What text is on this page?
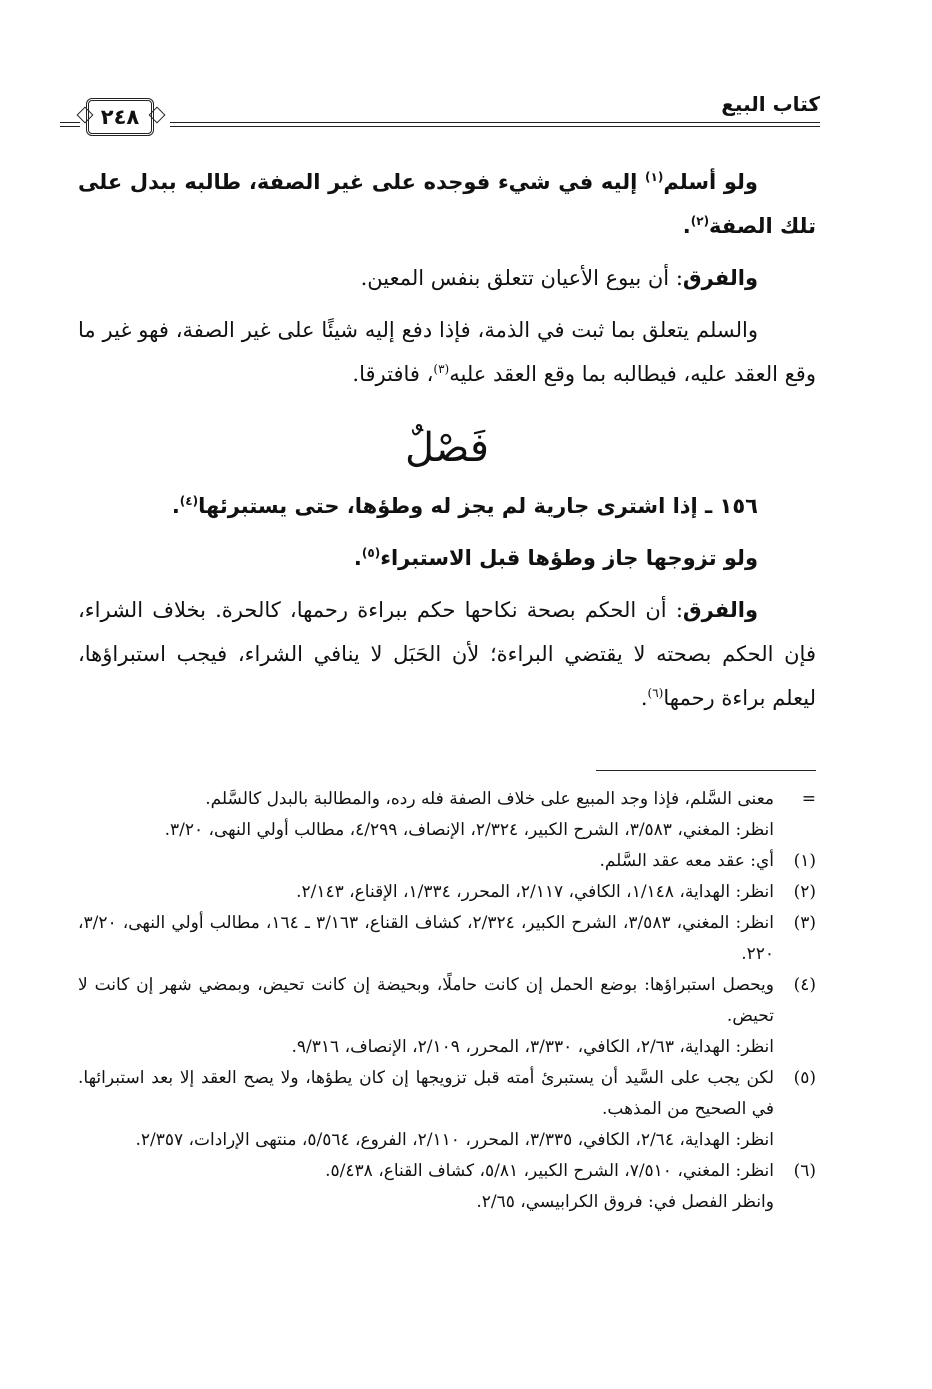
كتاب البيع
٢٤٨

ولو أسلم$^{(١)}$ إليه في شيء فوجده على غير الصفة، طالبه ببدل على تلك الصفة$^{(٢)}$.

والفرق: أن بيوع الأعيان تتعلق بنفس المعين.

والسلم يتعلق بما ثبت في الذمة، فإذا دفع إليه شيئًا على غير الصفة، فهو غير ما وقع العقد عليه، فيطالبه بما وقع العقد عليه$^{(٣)}$، فافترقا.

فَصْلٌ

١٥٦ ـ إذا اشترى جارية لم يجز له وطؤها، حتى يستبرئها$^{(٤)}$.

ولو تزوجها جاز وطؤها قبل الاستبراء$^{(٥)}$.

والفرق: أن الحكم بصحة نكاحها حكم ببراءة رحمها، كالحرة. بخلاف الشراء، فإن الحكم بصحته لا يقتضي البراءة؛ لأن الحَبَل لا ينافي الشراء، فيجب استبراؤها، ليعلم براءة رحمها$^{(٦)}$.

=
معنى السَّلم، فإذا وجد المبيع على خلاف الصفة فله رده، والمطالبة بالبدل كالسَّلم.
انظر: المغني، ٣/٥٨٣، الشرح الكبير، ٢/٣٢٤، الإنصاف، ٤/٢٩٩، مطالب أولي النهى، ٣/٢٠.
(١)
أي: عقد معه عقد السَّلم.
(٢)
انظر: الهداية، ١/١٤٨، الكافي، ٢/١١٧، المحرر، ١/٣٣٤، الإقناع، ٢/١٤٣.
(٣)
انظر: المغني، ٣/٥٨٣، الشرح الكبير، ٢/٣٢٤، كشاف القناع، ٣/١٦٣ ـ ١٦٤، مطالب أولي النهى، ٣/٢٠، ٢٢٠.
(٤)
ويحصل استبراؤها: بوضع الحمل إن كانت حاملًا، وبحيضة إن كانت تحيض، وبمضي شهر إن كانت لا تحيض.
انظر: الهداية، ٢/٦٣، الكافي، ٣/٣٣٠، المحرر، ٢/١٠٩، الإنصاف، ٩/٣١٦.
(٥)
لكن يجب على السَّيد أن يستبرئ أمته قبل تزويجها إن كان يطؤها، ولا يصح العقد إلا بعد استبرائها. في الصحيح من المذهب.
انظر: الهداية، ٢/٦٤، الكافي، ٣/٣٣٥، المحرر، ٢/١١٠، الفروع، ٥/٥٦٤، منتهى الإرادات، ٢/٣٥٧.
(٦)
انظر: المغني، ٧/٥١٠، الشرح الكبير، ٥/٨١، كشاف القناع، ٥/٤٣٨.
وانظر الفصل في: فروق الكرابيسي، ٢/٦٥.
